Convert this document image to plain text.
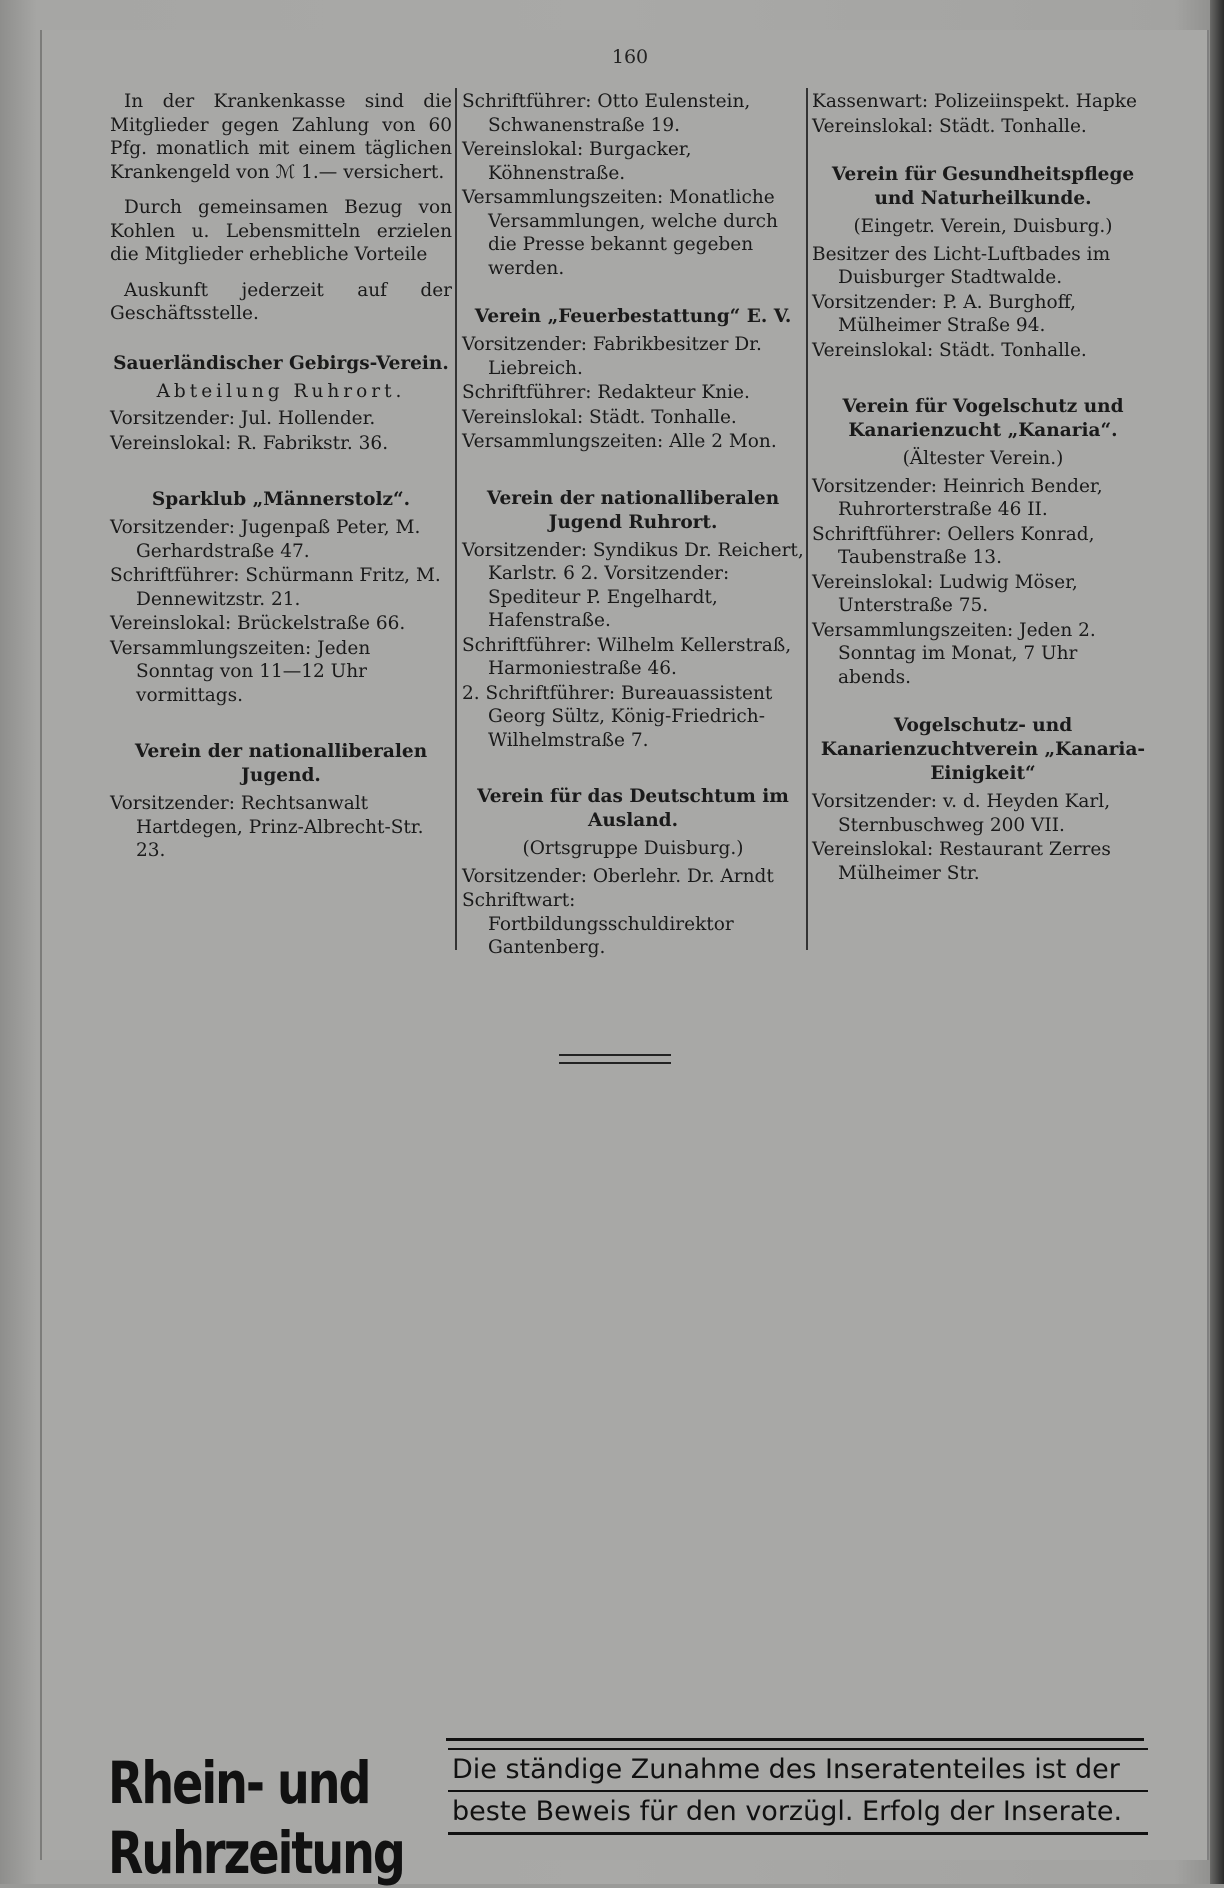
160

In der Krankenkasse sind die Mitglieder gegen Zahlung von 60 Pfg. monatlich mit einem täglichen Krankengeld von ℳ 1.— versichert.

Durch gemeinsamen Bezug von Kohlen u. Lebensmitteln erzielen die Mitglieder erhebliche Vorteile

Auskunft jederzeit auf der Geschäftsstelle.

Sauerländischer Gebirgs-Verein.
Abteilung Ruhrort.

Vorsitzender: Jul. Hollender.

Vereinslokal: R. Fabrikstr. 36.

Sparklub „Männerstolz“.

Vorsitzender: Jugenpaß Peter, M. Gerhardstraße 47.

Schriftführer: Schürmann Fritz, M. Dennewitzstr. 21.

Vereinslokal: Brückelstraße 66.

Versammlungszeiten: Jeden Sonntag von 11—12 Uhr vormittags.

Verein der nationalliberalen Jugend.

Vorsitzender: Rechtsanwalt Hartdegen, Prinz-Albrecht-Str. 23.

Schriftführer: Otto Eulenstein, Schwanenstraße 19.

Vereinslokal: Burgacker, Köhnenstraße.

Versammlungszeiten: Monatliche Versammlungen, welche durch die Presse bekannt gegeben werden.

Verein „Feuerbestattung“ E. V.

Vorsitzender: Fabrikbesitzer Dr. Liebreich.

Schriftführer: Redakteur Knie.

Vereinslokal: Städt. Tonhalle.

Versammlungszeiten: Alle 2 Mon.

Verein der nationalliberalen Jugend Ruhrort.

Vorsitzender: Syndikus Dr. Reichert, Karlstr. 6 2. Vorsitzender: Spediteur P. Engelhardt, Hafenstraße.

Schriftführer: Wilhelm Kellerstraß, Harmoniestraße 46.

2. Schriftführer: Bureauassistent Georg Sültz, König-Friedrich-Wilhelmstraße 7.

Verein für das Deutschtum im Ausland.
(Ortsgruppe Duisburg.)

Vorsitzender: Oberlehr. Dr. Arndt

Schriftwart: Fortbildungsschuldirektor Gantenberg.

Kassenwart: Polizeiinspekt. Hapke

Vereinslokal: Städt. Tonhalle.

Verein für Gesundheitspflege und Naturheilkunde.
(Eingetr. Verein, Duisburg.)

Besitzer des Licht-Luftbades im Duisburger Stadtwalde.

Vorsitzender: P. A. Burghoff, Mülheimer Straße 94.

Vereinslokal: Städt. Tonhalle.

Verein für Vogelschutz und Kanarienzucht „Kanaria“.
(Ältester Verein.)

Vorsitzender: Heinrich Bender, Ruhrorterstraße 46 II.

Schriftführer: Oellers Konrad, Taubenstraße 13.

Vereinslokal: Ludwig Möser, Unterstraße 75.

Versammlungszeiten: Jeden 2. Sonntag im Monat, 7 Uhr abends.

Vogelschutz- und Kanarienzuchtverein „Kanaria-Einigkeit“

Vorsitzender: v. d. Heyden Karl, Sternbuschweg 200 VII.

Vereinslokal: Restaurant Zerres Mülheimer Str.

Rhein- und Ruhrzeitung
Die ständige Zunahme des Inseratenteiles ist der
beste Beweis für den vorzügl. Erfolg der Inserate.
